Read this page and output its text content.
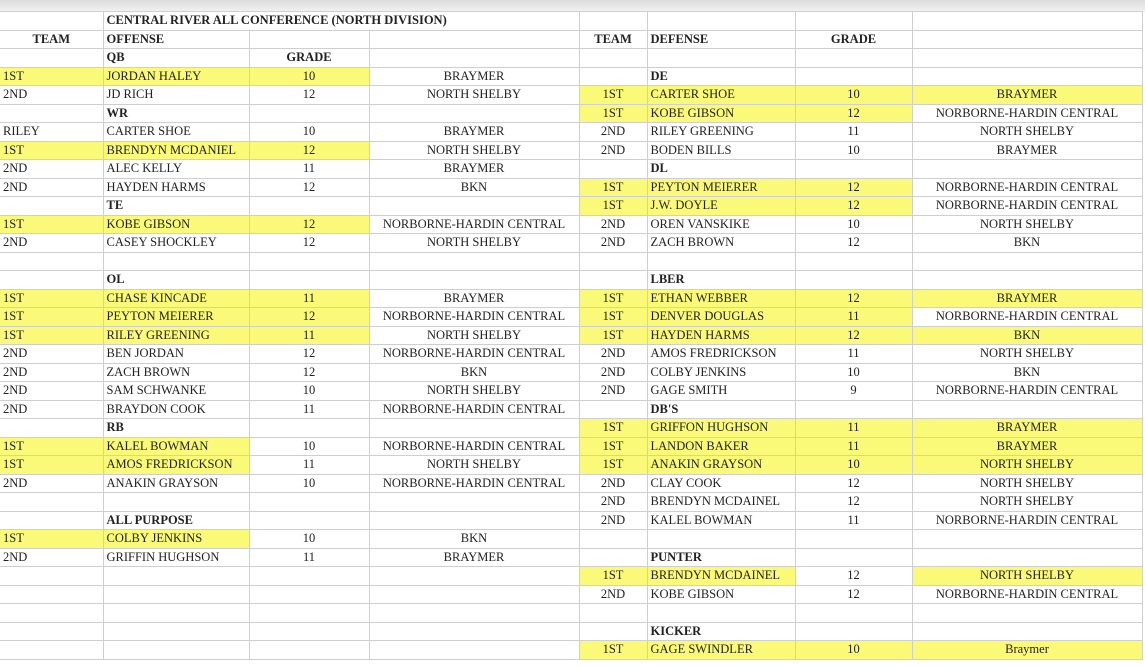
	CENTRAL RIVER ALL CONFERENCE (NORTH DIVISION)						
TEAM	OFFENSE			TEAM	DEFENSE	GRADE	
	QB	GRADE					
1ST	JORDAN HALEY	10	BRAYMER		DE		
2ND	JD RICH	12	NORTH SHELBY	1ST	CARTER SHOE	10	BRAYMER
	WR			1ST	KOBE GIBSON	12	NORBORNE-HARDIN CENTRAL
RILEY	CARTER SHOE	10	BRAYMER	2ND	RILEY GREENING	11	NORTH SHELBY
1ST	BRENDYN MCDANIEL	12	NORTH SHELBY	2ND	BODEN BILLS	10	BRAYMER
2ND	ALEC KELLY	11	BRAYMER		DL		
2ND	HAYDEN HARMS	12	BKN	1ST	PEYTON MEIERER	12	NORBORNE-HARDIN CENTRAL
	TE			1ST	J.W. DOYLE	12	NORBORNE-HARDIN CENTRAL
1ST	KOBE GIBSON	12	NORBORNE-HARDIN CENTRAL	2ND	OREN VANSKIKE	10	NORTH SHELBY
2ND	CASEY SHOCKLEY	12	NORTH SHELBY	2ND	ZACH BROWN	12	BKN

	OL				LBER		
1ST	CHASE KINCADE	11	BRAYMER	1ST	ETHAN WEBBER	12	BRAYMER
1ST	PEYTON MEIERER	12	NORBORNE-HARDIN CENTRAL	1ST	DENVER DOUGLAS	11	NORBORNE-HARDIN CENTRAL
1ST	RILEY GREENING	11	NORTH SHELBY	1ST	HAYDEN HARMS	12	BKN
2ND	BEN JORDAN	12	NORBORNE-HARDIN CENTRAL	2ND	AMOS FREDRICKSON	11	NORTH SHELBY
2ND	ZACH BROWN	12	BKN	2ND	COLBY JENKINS	10	BKN
2ND	SAM SCHWANKE	10	NORTH SHELBY	2ND	GAGE SMITH	9	NORBORNE-HARDIN CENTRAL
2ND	BRAYDON COOK	11	NORBORNE-HARDIN CENTRAL		DB'S		
	RB			1ST	GRIFFON HUGHSON	11	BRAYMER
1ST	KALEL BOWMAN	10	NORBORNE-HARDIN CENTRAL	1ST	LANDON BAKER	11	BRAYMER
1ST	AMOS FREDRICKSON	11	NORTH SHELBY	1ST	ANAKIN GRAYSON	10	NORTH SHELBY
2ND	ANAKIN GRAYSON	10	NORBORNE-HARDIN CENTRAL	2ND	CLAY COOK	12	NORTH SHELBY
				2ND	BRENDYN MCDAINEL	12	NORTH SHELBY
	ALL PURPOSE			2ND	KALEL BOWMAN	11	NORBORNE-HARDIN CENTRAL
1ST	COLBY JENKINS	10	BKN				
2ND	GRIFFIN HUGHSON	11	BRAYMER		PUNTER		
				1ST	BRENDYN MCDAINEL	12	NORTH SHELBY
				2ND	KOBE GIBSON	12	NORBORNE-HARDIN CENTRAL

					KICKER		
				1ST	GAGE SWINDLER	10	Braymer
